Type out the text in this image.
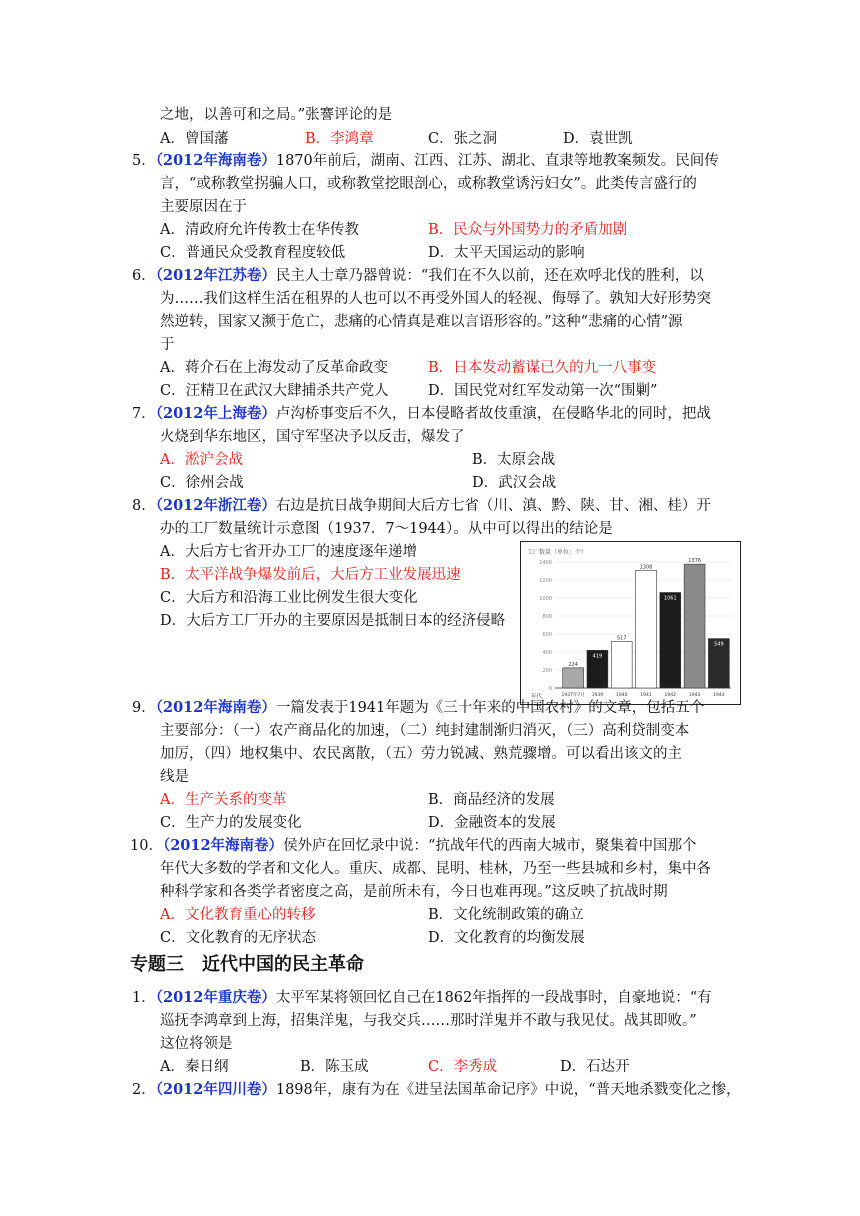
之地，以善可和之局。”张謇评论的是
A．曾国藩	B．李鸿章	C．张之洞	D．袁世凯
5．（2012年海南卷）1870年前后，湖南、江西、江苏、湖北、直隶等地教案频发。民间传
言，“或称教堂拐骗人口，或称教堂挖眼剖心，或称教堂诱污妇女”。此类传言盛行的
主要原因在于
A．清政府允许传教士在华传教	B．民众与外国势力的矛盾加剧
C．普通民众受教育程度较低	D．太平天国运动的影响
6．（2012年江苏卷）民主人士章乃器曾说：“我们在不久以前，还在欢呼北伐的胜利，以
为……我们这样生活在租界的人也可以不再受外国人的轻视、侮辱了。孰知大好形势突
然逆转，国家又濒于危亡，悲痛的心情真是难以言语形容的。”这种“悲痛的心情”源
于
A．蒋介石在上海发动了反革命政变	B．日本发动蓄谋已久的九一八事变
C．汪精卫在武汉大肆捕杀共产党人	D．国民党对红军发动第一次“围剿”
7．（2012年上海卷）卢沟桥事变后不久，日本侵略者故伎重演，在侵略华北的同时，把战
火烧到华东地区，国守军坚决予以反击，爆发了
A．淞沪会战	B．太原会战
C．徐州会战	D．武汉会战
8．（2012年浙江卷）右边是抗日战争期间大后方七省（川、滇、黔、陕、甘、湘、桂）开
办的工厂数量统计示意图（1937．7～1944）。从中可以得出的结论是
A．大后方七省开办工厂的速度逐年递增
B．太平洋战争爆发前后，大后方工业发展迅速
C．大后方和沿海工业比例发生很大变化
D．大后方工厂开办的主要原因是抵制日本的经济侵略
工厂数量（单位：个）
0
200
400
600
800
1000
1200
1400
224
419
517
1308
1061
1376
549
1937年7月 1939	1940	1941	1942	1943	1944
年代
9．（2012年海南卷）一篇发表于1941年题为《三十年来的中国农村》的文章，包括五个
主要部分：（一）农产商品化的加速，（二）纯封建制渐归消灭，（三）高利贷制变本
加厉，（四）地权集中、农民离散，（五）劳力锐减、熟荒骤增。可以看出该文的主
线是
A．生产关系的变革	B．商品经济的发展
C．生产力的发展变化	D．金融资本的发展
10．（2012年海南卷）侯外庐在回忆录中说：“抗战年代的西南大城市，聚集着中国那个
年代大多数的学者和文化人。重庆、成都、昆明、桂林，乃至一些县城和乡村，集中各
种科学家和各类学者密度之高，是前所未有，今日也难再现。”这反映了抗战时期
A．文化教育重心的转移	B．文化统制政策的确立
C．文化教育的无序状态	D．文化教育的均衡发展
专题三　近代中国的民主革命
1．（2012年重庆卷）太平军某将领回忆自己在1862年指挥的一段战事时，自豪地说：“有
巡抚李鸿章到上海，招集洋鬼，与我交兵……那时洋鬼并不敢与我见仗。战其即败。”
这位将领是
A．秦日纲	B．陈玉成	C．李秀成	D．石达开
2．（2012年四川卷）1898年，康有为在《进呈法国革命记序》中说，“普天地杀戮变化之惨，
